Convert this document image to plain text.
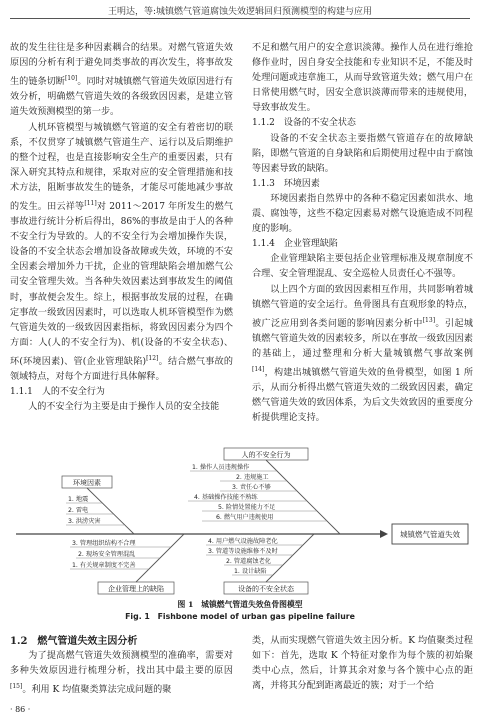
王明达，等:城镇燃气管道腐蚀失效逻辑回归预测模型的构建与应用

故的发生往往是多种因素耦合的结果。对燃气管道失效原因的分析有利于避免同类事故的再次发生，将事故发生的链条切断[10]。同时对城镇燃气管道失效原因进行有效分析，明确燃气管道失效的各级致因因素，是建立管道失效预测模型的第一步。

人机环管模型与城镇燃气管道的安全有着密切的联系，不仅贯穿了城镇燃气管道生产、运行以及后期维护的整个过程，也是直接影响安全生产的重要因素，只有深入研究其特点和规律，采取对应的安全管理措施和技术方法，阻断事故发生的链条，才能尽可能地减少事故的发生。田云祥等[11]对 2011～2017 年所发生的燃气事故进行统计分析后得出，86%的事故是由于人的各种不安全行为导致的。人的不安全行为会增加操作失误，设备的不安全状态会增加设备故障或失效，环境的不安全因素会增加外力干扰，企业的管理缺陷会增加燃气公司安全管理失效。当各种失效因素达到事故发生的阈值时，事故便会发生。综上，根据事故发展的过程，在确定事故一级致因因素时，可以选取人机环管模型作为燃气管道失效的一级致因因素指标，将致因因素分为四个方面：人(人的不安全行为)、机(设备的不安全状态)、环(环境因素)、管(企业管理缺陷)[12]。结合燃气事故的领域特点，对每个方面进行具体解释。

1.1.1　人的不安全行为

人的不安全行为主要是由于操作人员的安全技能

不足和燃气用户的安全意识淡薄。操作人员在进行维抢修作业时，因自身安全技能和专业知识不足，不能及时处理问题或违章施工，从而导致管道失效；燃气用户在日常使用燃气时，因安全意识淡薄而带来的违规使用，导致事故发生。

1.1.2　设备的不安全状态

设备的不安全状态主要指燃气管道存在的故障缺陷，即燃气管道的自身缺陷和后期使用过程中由于腐蚀等因素导致的缺陷。

1.1.3　环境因素

环境因素指自然界中的各种不稳定因素如洪水、地震、腐蚀等，这些不稳定因素易对燃气设施造成不同程度的影响。

1.1.4　企业管理缺陷

企业管理缺陷主要包括企业管理标准及规章制度不合理、安全管理混乱、安全巡检人员责任心不强等。

以上四个方面的致因因素相互作用，共同影响着城镇燃气管道的安全运行。鱼骨图具有直观形象的特点，被广泛应用到各类问题的影响因素分析中[13]。引起城镇燃气管道失效的因素较多，所以在事故一级致因因素的基础上，通过整理和分析大量城镇燃气事故案例[14]，构建出城镇燃气管道失效的鱼骨模型，如图 1 所示，从而分析得出燃气管道失效的二级致因因素，确定燃气管道失效的致因体系，为后文失效致因的重要度分析提供理论支持。

人的不安全行为
环境因素
企业管理上的缺陷	设备的不安全状态
城镇燃气管道失效
1. 操作人员违规操作
2. 违规施工
3. 责任心不够
4. 基础操作技能不熟练
5. 险情处置能力不足
6. 燃气用户违规使用
1. 地震
2. 雷电
3. 洪涝灾害
3. 管理组织结构不合理
2. 现场安全管理混乱
1. 有关规章制度不完善
4. 用户燃气设施故障老化
3. 管道等设施维修不及时
2. 管道腐蚀老化
1. 设计缺陷
图 1　城镇燃气管道失效鱼骨图模型
Fig. 1　Fishbone model of urban gas pipeline failure
1.2　燃气管道失效主因分析

为了提高燃气管道失效预测模型的准确率，需要对多种失效原因进行梳理分析，找出其中最主要的原因[15]。利用 K 均值聚类算法完成问题的聚

类，从而实现燃气管道失效主因分析。K 均值聚类过程如下：首先，选取 K 个特征对象作为每个簇的初始聚类中心点，然后，计算其余对象与各个簇中心点的距离，并将其分配到距离最近的簇；对于一个给

· 86 ·
